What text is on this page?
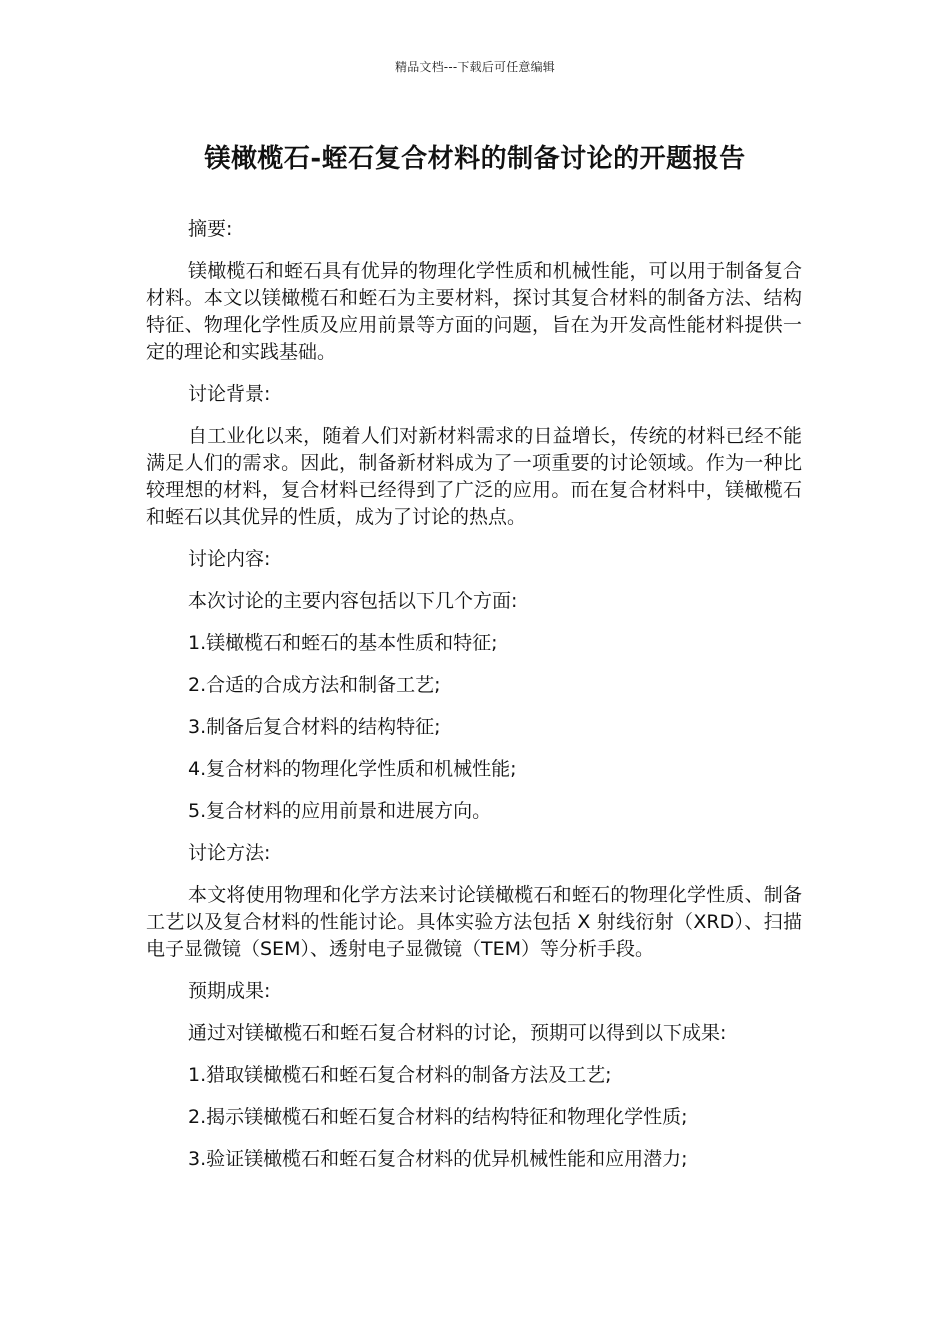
精品文档---下载后可任意编辑
镁橄榄石-蛭石复合材料的制备讨论的开题报告

摘要:

镁橄榄石和蛭石具有优异的物理化学性质和机械性能，可以用于制备复合材料。本文以镁橄榄石和蛭石为主要材料，探讨其复合材料的制备方法、结构特征、物理化学性质及应用前景等方面的问题，旨在为开发高性能材料提供一定的理论和实践基础。

讨论背景:

自工业化以来，随着人们对新材料需求的日益增长，传统的材料已经不能满足人们的需求。因此，制备新材料成为了一项重要的讨论领域。作为一种比较理想的材料，复合材料已经得到了广泛的应用。而在复合材料中，镁橄榄石和蛭石以其优异的性质，成为了讨论的热点。

讨论内容:

本次讨论的主要内容包括以下几个方面:

1.镁橄榄石和蛭石的基本性质和特征;

2.合适的合成方法和制备工艺;

3.制备后复合材料的结构特征;

4.复合材料的物理化学性质和机械性能;

5.复合材料的应用前景和进展方向。

讨论方法:

本文将使用物理和化学方法来讨论镁橄榄石和蛭石的物理化学性质、制备工艺以及复合材料的性能讨论。具体实验方法包括 X 射线衍射（XRD）、扫描电子显微镜（SEM）、透射电子显微镜（TEM）等分析手段。

预期成果:

通过对镁橄榄石和蛭石复合材料的讨论，预期可以得到以下成果:

1.猎取镁橄榄石和蛭石复合材料的制备方法及工艺;

2.揭示镁橄榄石和蛭石复合材料的结构特征和物理化学性质;

3.验证镁橄榄石和蛭石复合材料的优异机械性能和应用潜力;
